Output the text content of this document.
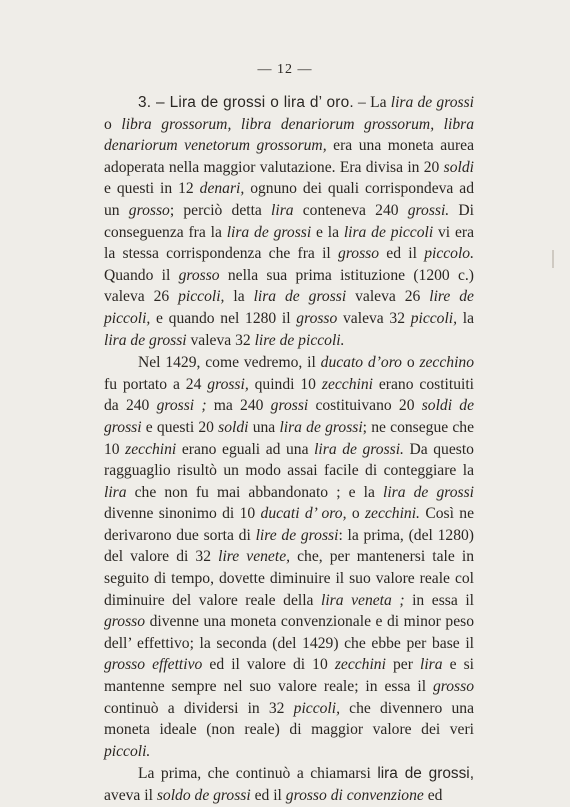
— 12 —

3. – Lira de grossi o lira d’ oro. – La lira de grossi o libra grossorum, libra denariorum grossorum, libra denariorum venetorum grossorum, era una moneta aurea adoperata nella maggior valutazione. Era divisa in 20 soldi e questi in 12 denari, ognuno dei quali corrispondeva ad un grosso; perciò detta lira conteneva 240 grossi. Di conseguenza fra la lira de grossi e la lira de piccoli vi era la stessa corrispondenza che fra il grosso ed il piccolo. Quando il grosso nella sua prima istituzione (1200 c.) valeva 26 piccoli, la lira de grossi valeva 26 lire de piccoli, e quando nel 1280 il grosso valeva 32 piccoli, la lira de grossi valeva 32 lire de piccoli.

Nel 1429, come vedremo, il ducato d’oro o zecchino fu portato a 24 grossi, quindi 10 zecchini erano costituiti da 240 grossi ; ma 240 grossi costituivano 20 soldi de grossi e questi 20 soldi una lira de grossi; ne consegue che 10 zecchini erano eguali ad una lira de grossi. Da questo ragguaglio risultò un modo assai facile di conteggiare la lira che non fu mai abbandonato ; e la lira de grossi divenne sinonimo di 10 ducati d’ oro, o zecchini. Così ne derivarono due sorta di lire de grossi: la prima, (del 1280) del valore di 32 lire venete, che, per mantenersi tale in seguito di tempo, dovette diminuire il suo valore reale col diminuire del valore reale della lira veneta ; in essa il grosso divenne una moneta convenzionale e di minor peso dell’ effettivo; la seconda (del 1429) che ebbe per base il grosso effettivo ed il valore di 10 zecchini per lira e si mantenne sempre nel suo valore reale; in essa il grosso continuò a dividersi in 32 piccoli, che divennero una moneta ideale (non reale) di maggior valore dei veri piccoli.

La prima, che continuò a chiamarsi lira de grossi, aveva il soldo de grossi ed il grosso di convenzione ed
